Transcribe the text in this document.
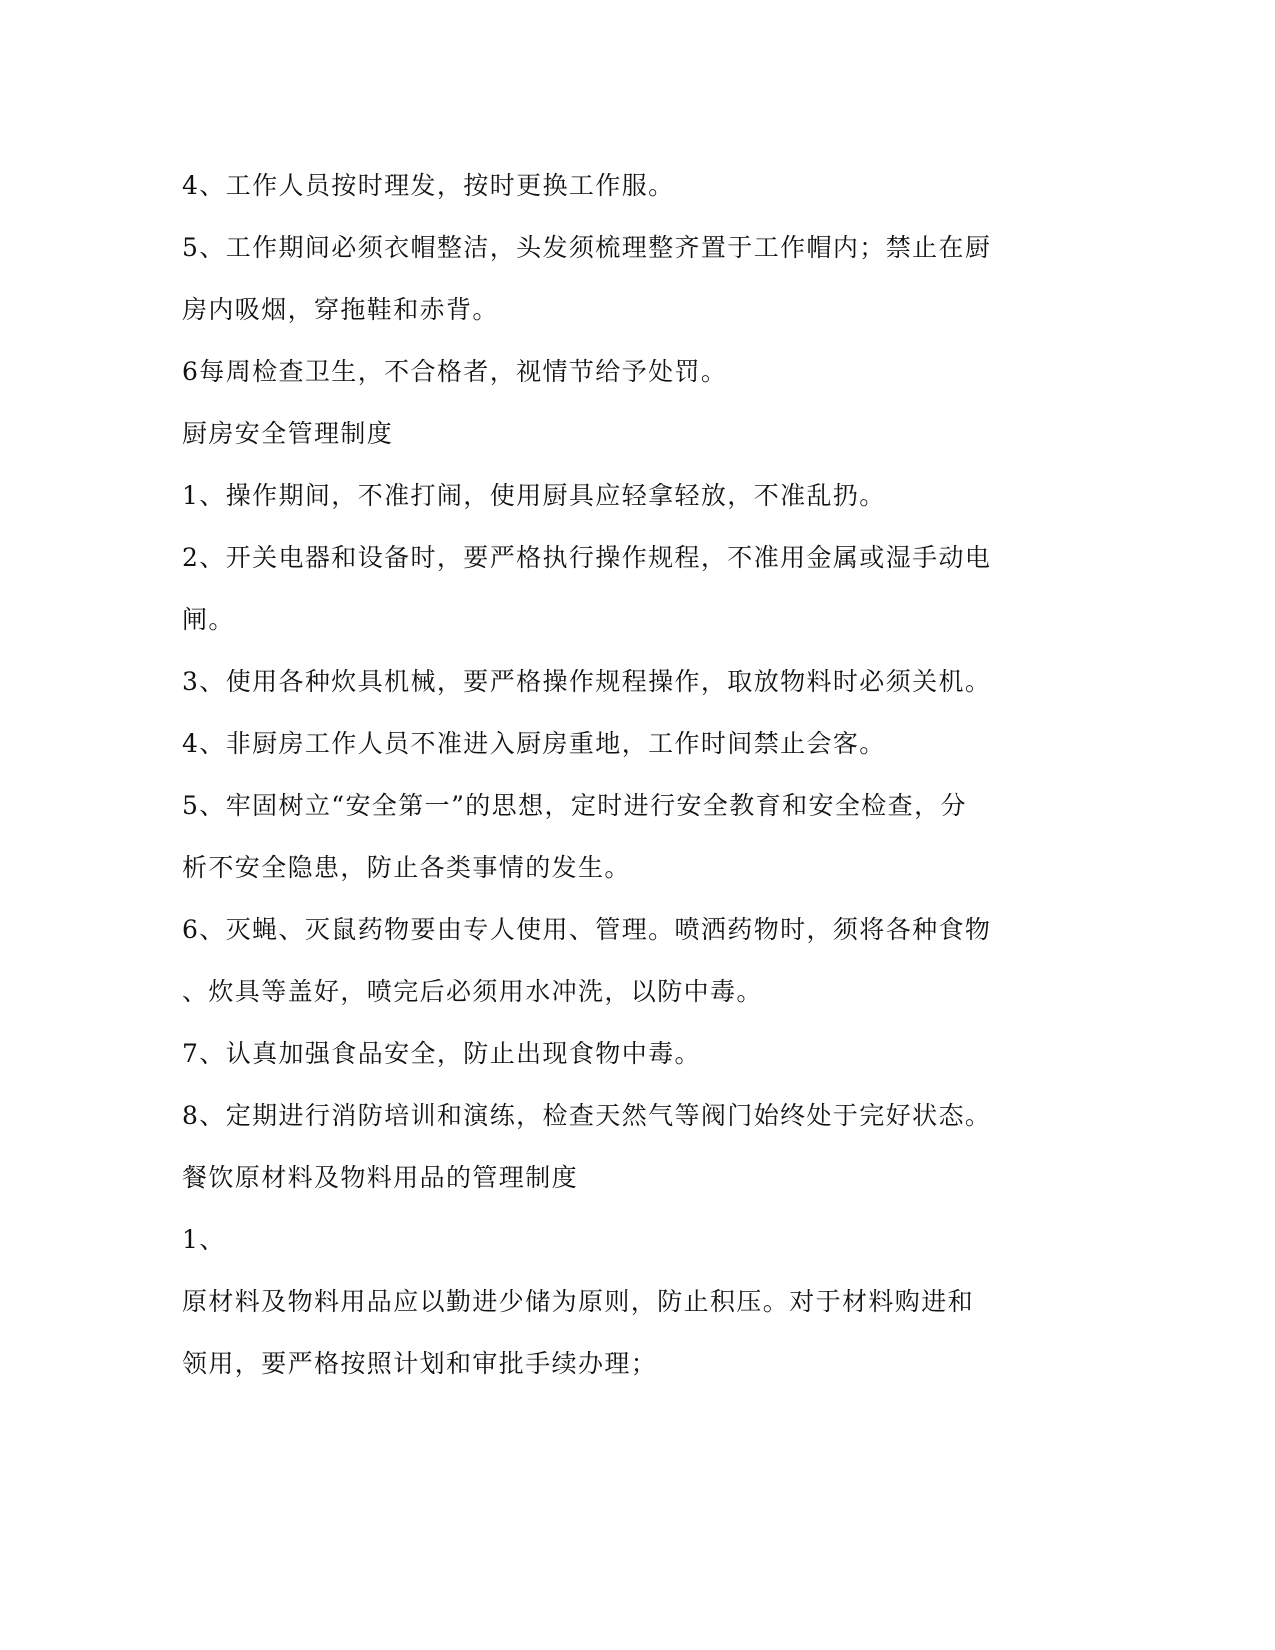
4、工作人员按时理发，按时更换工作服。
5、工作期间必须衣帽整洁，头发须梳理整齐置于工作帽内；禁止在厨
房内吸烟，穿拖鞋和赤背。
6每周检查卫生，不合格者，视情节给予处罚。
厨房安全管理制度
1、操作期间，不准打闹，使用厨具应轻拿轻放，不准乱扔。
2、开关电器和设备时，要严格执行操作规程，不准用金属或湿手动电
闸。
3、使用各种炊具机械，要严格操作规程操作，取放物料时必须关机。
4、非厨房工作人员不准进入厨房重地，工作时间禁止会客。
5、牢固树立“安全第一”的思想，定时进行安全教育和安全检查，分
析不安全隐患，防止各类事情的发生。
6、灭蝇、灭鼠药物要由专人使用、管理。喷洒药物时，须将各种食物
、炊具等盖好，喷完后必须用水冲洗，以防中毒。
7、认真加强食品安全，防止出现食物中毒。
8、定期进行消防培训和演练，检查天然气等阀门始终处于完好状态。
餐饮原材料及物料用品的管理制度
1、
原材料及物料用品应以勤进少储为原则，防止积压。对于材料购进和
领用，要严格按照计划和审批手续办理；
